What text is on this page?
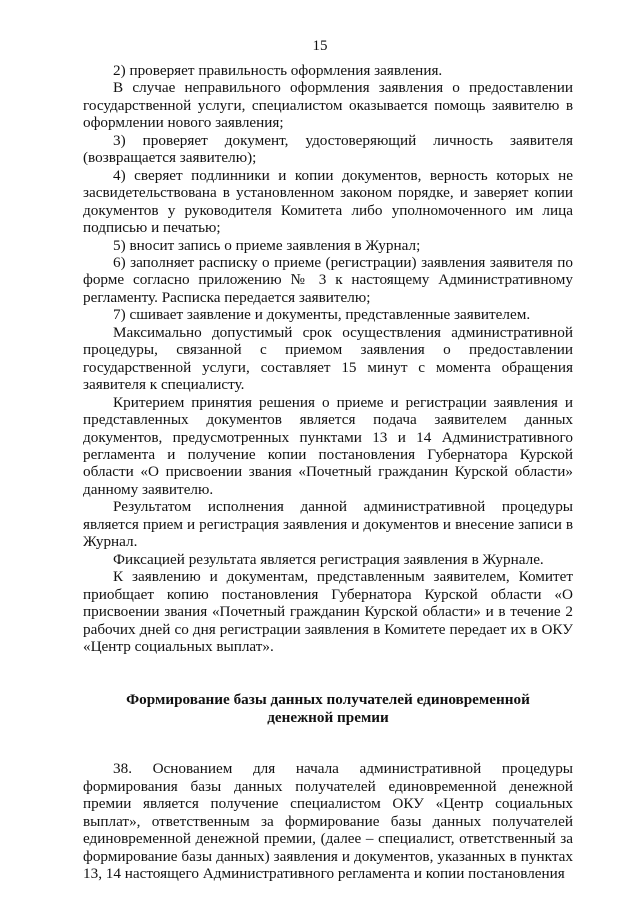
15

2) проверяет правильность оформления заявления.

В случае неправильного оформления заявления о предоставлении государственной услуги, специалистом оказывается помощь заявителю в оформлении нового заявления;

3) проверяет документ, удостоверяющий личность заявителя (возвращается заявителю);

4) сверяет подлинники и копии документов, верность которых не засвидетельствована в установленном законом порядке, и заверяет копии документов у руководителя Комитета либо уполномоченного им лица подписью и печатью;

5) вносит запись о приеме заявления в Журнал;

6) заполняет расписку о приеме (регистрации) заявления заявителя по форме согласно приложению № 3 к настоящему Административному регламенту. Расписка передается заявителю;

7) сшивает заявление и документы, представленные заявителем.

Максимально допустимый срок осуществления административной процедуры, связанной с приемом заявления о предоставлении государственной услуги, составляет 15 минут с момента обращения заявителя к специалисту.

Критерием принятия решения о приеме и регистрации заявления и представленных документов является подача заявителем данных документов, предусмотренных пунктами 13 и 14 Административного регламента и получение копии постановления Губернатора Курской области «О присвоении звания «Почетный гражданин Курской области» данному заявителю.

Результатом исполнения данной административной процедуры является прием и регистрация заявления и документов и внесение записи в Журнал.

Фиксацией результата является регистрация заявления в Журнале.

К заявлению и документам, представленным заявителем, Комитет приобщает копию постановления Губернатора Курской области «О присвоении звания «Почетный гражданин Курской области» и в течение 2 рабочих дней со дня регистрации заявления в Комитете передает их в ОКУ «Центр социальных выплат».

Формирование базы данных получателей единовременной

денежной премии

38. Основанием для начала административной процедуры формирования базы данных получателей единовременной денежной премии является получение специалистом ОКУ «Центр социальных выплат», ответственным за формирование базы данных получателей единовременной денежной премии, (далее – специалист, ответственный за формирование базы данных) заявления и документов, указанных в пунктах 13, 14 настоящего Административного регламента и копии постановления
